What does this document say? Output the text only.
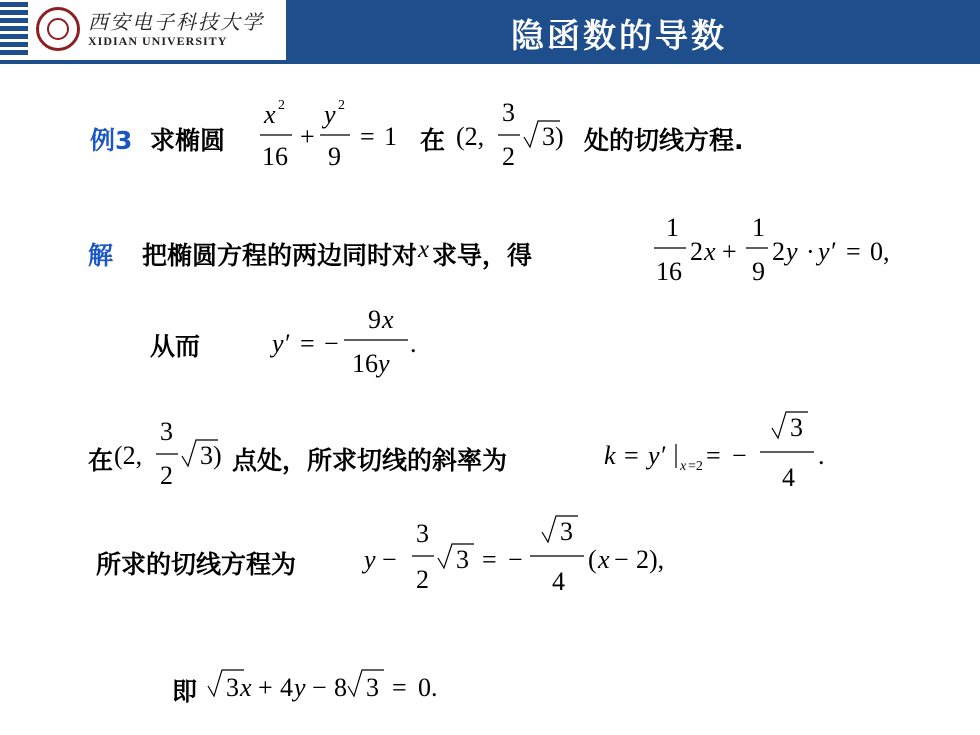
西安电子科技大学
XIDIAN UNIVERSITY	隐函数的导数
例3 求椭圆
x 2
16
+
y 2
9
= 1 在 (2,
3
2
3) 处的切线方程.
解 把椭圆方程的两边同时对 x 求导，得
1
16
2 x +
1
9
2 y · y′ = 0,
从而	y′ = −
9 x
16 y
.
在 (2,
3
2
3) 点处，所求切线的斜率为	k = y′ x =2 = −
3
4
.
所求的切线方程为	y −
3
2
3 = −
3
4
( x − 2),
即 3 x + 4 y − 8 3 = 0.
